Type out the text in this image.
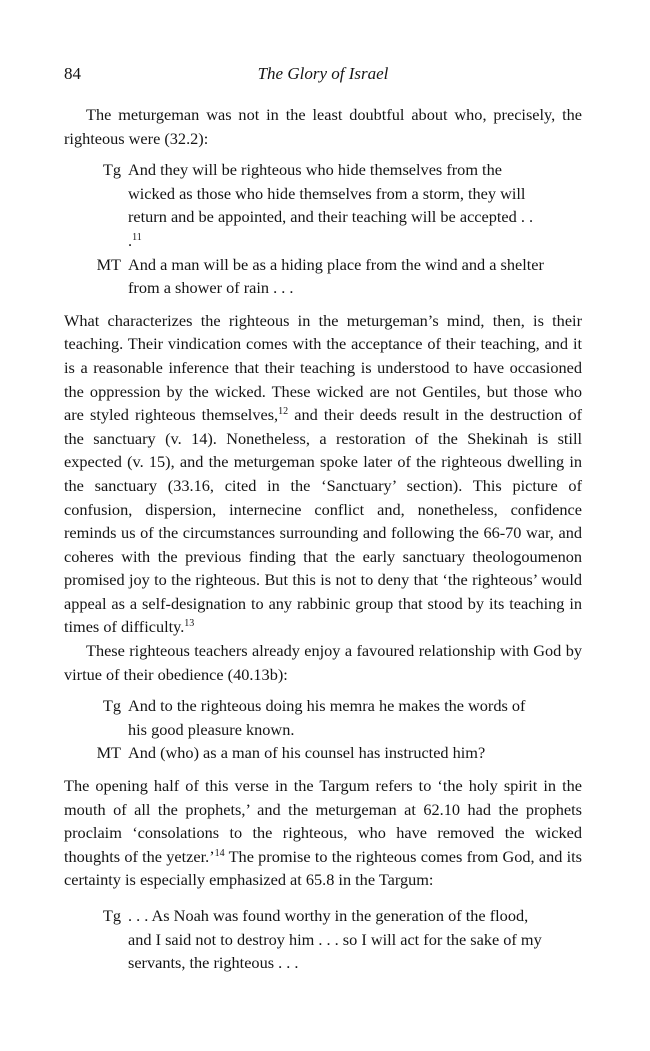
84	The Glory of Israel

The meturgeman was not in the least doubtful about who, precisely, the righteous were (32.2):

Tg And they will be righteous who hide themselves from the wicked as those who hide themselves from a storm, they will return and be appointed, and their teaching will be accepted . . .$^{11}$
MT And a man will be as a hiding place from the wind and a shelter from a shower of rain . . .

What characterizes the righteous in the meturgeman’s mind, then, is their teaching. Their vindication comes with the acceptance of their teaching, and it is a reasonable inference that their teaching is understood to have occasioned the oppression by the wicked. These wicked are not Gentiles, but those who are styled righteous themselves,$^{12}$ and their deeds result in the destruction of the sanctuary (v. 14). Nonetheless, a restoration of the Shekinah is still expected (v. 15), and the meturgeman spoke later of the righteous dwelling in the sanctuary (33.16, cited in the ‘Sanctuary’ section). This picture of confusion, dispersion, internecine conflict and, nonetheless, confidence reminds us of the circumstances surrounding and following the 66-70 war, and coheres with the previous finding that the early sanctuary theologoumenon promised joy to the righteous. But this is not to deny that ‘the righteous’ would appeal as a self-designation to any rabbinic group that stood by its teaching in times of difficulty.$^{13}$

These righteous teachers already enjoy a favoured relationship with God by virtue of their obedience (40.13b):

Tg And to the righteous doing his memra he makes the words of his good pleasure known.
MT And (who) as a man of his counsel has instructed him?

The opening half of this verse in the Targum refers to ‘the holy spirit in the mouth of all the prophets,’ and the meturgeman at 62.10 had the prophets proclaim ‘consolations to the righteous, who have removed the wicked thoughts of the yetzer.’$^{14}$ The promise to the righteous comes from God, and its certainty is especially emphasized at 65.8 in the Targum:

Tg . . . As Noah was found worthy in the generation of the flood, and I said not to destroy him . . . so I will act for the sake of my servants, the righteous . . .
